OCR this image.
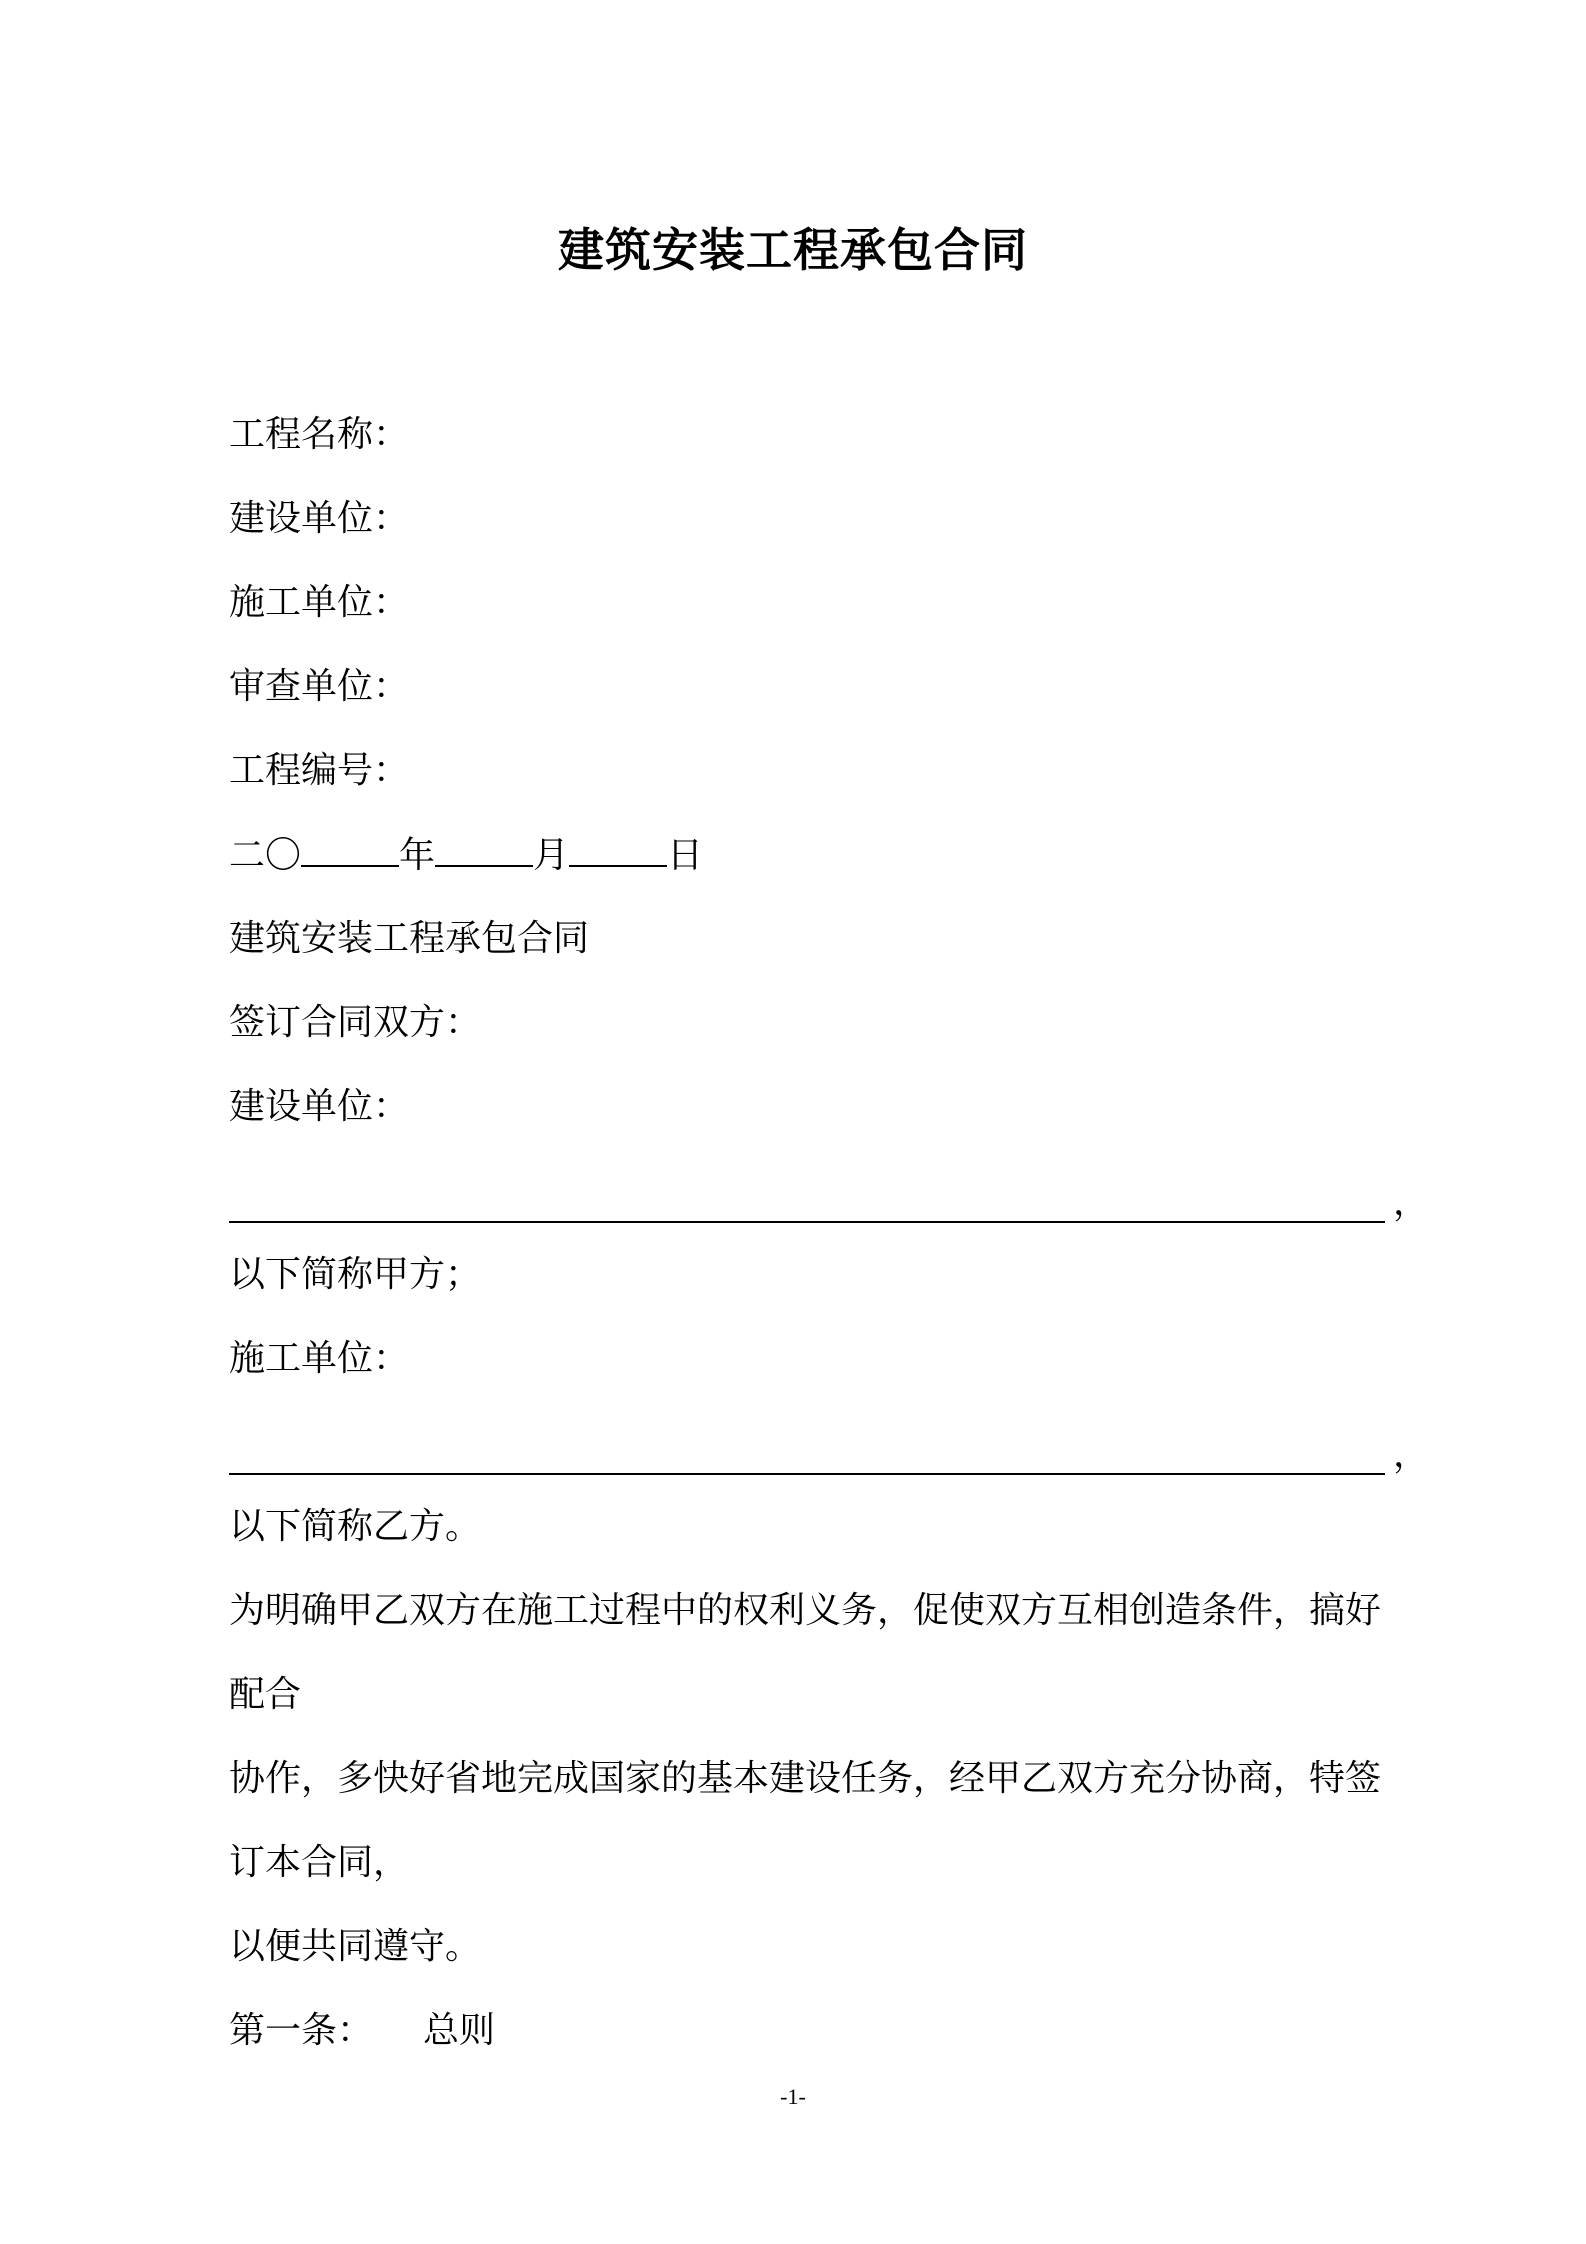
建筑安装工程承包合同
工程名称：
建设单位：
施工单位：
审查单位：
工程编号：
二〇	年	月	日
建筑安装工程承包合同
签订合同双方：
建设单位：
，
以下简称甲方；
施工单位：
，
以下简称乙方。
为明确甲乙双方在施工过程中的权利义务，促使双方互相创造条件，搞好
配合
协作，多快好省地完成国家的基本建设任务，经甲乙双方充分协商，特签
订本合同，
以便共同遵守。
第一条： 总则
-1-
